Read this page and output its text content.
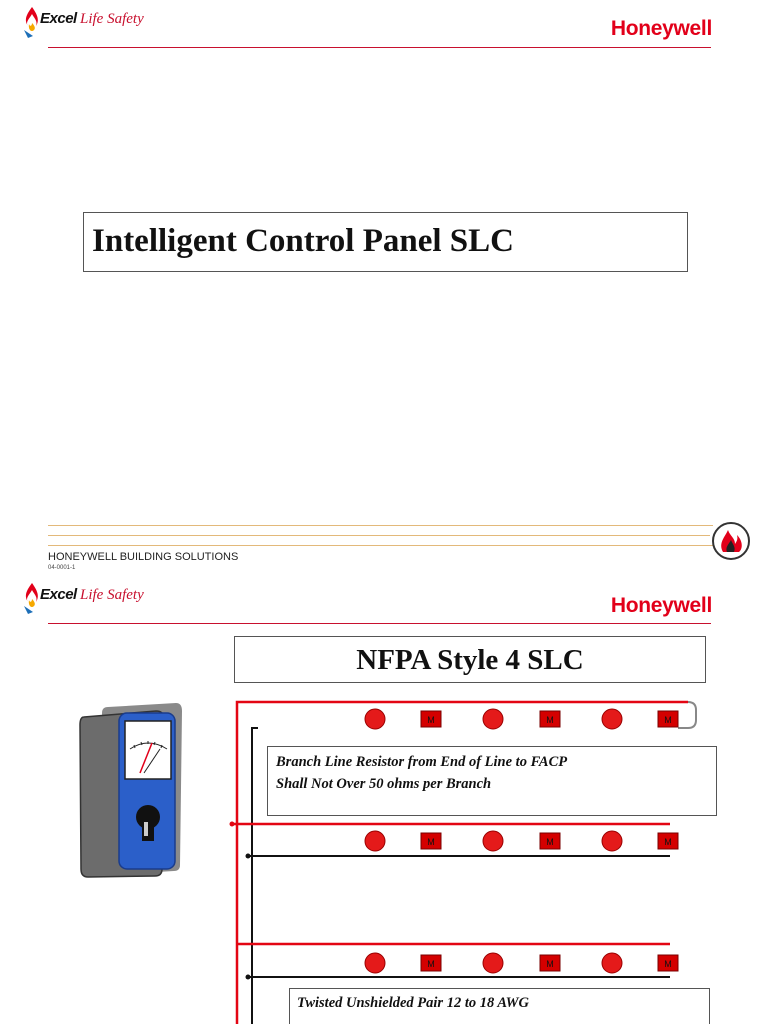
Excel Life Safety	Honeywell
Intelligent Control Panel SLC
HONEYWELL BUILDING SOLUTIONS
04-0001-1
Excel Life Safety	Honeywell
NFPA Style 4 SLC
M	M	M
M	M	M
M	M	M
Branch Line Resistor from End of Line to FACP
Shall Not Over 50 ohms per Branch
Twisted Unshielded Pair 12 to 18 AWG
